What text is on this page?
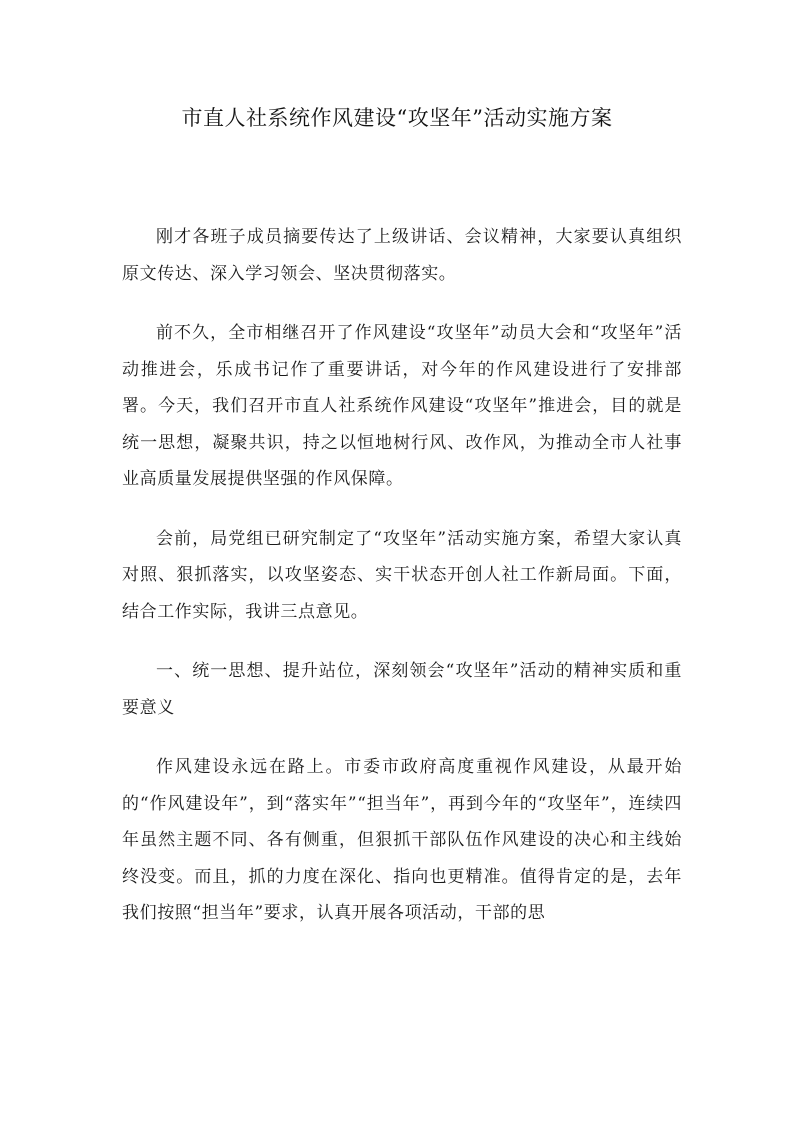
市直人社系统作风建设“攻坚年”活动实施方案

刚才各班子成员摘要传达了上级讲话、会议精神，大家要认真组织原文传达、深入学习领会、坚决贯彻落实。

前不久，全市相继召开了作风建设“攻坚年”动员大会和“攻坚年”活动推进会，乐成书记作了重要讲话，对今年的作风建设进行了安排部署。今天，我们召开市直人社系统作风建设“攻坚年”推进会，目的就是统一思想，凝聚共识，持之以恒地树行风、改作风，为推动全市人社事业高质量发展提供坚强的作风保障。

会前，局党组已研究制定了“攻坚年”活动实施方案，希望大家认真对照、狠抓落实，以攻坚姿态、实干状态开创人社工作新局面。下面，结合工作实际，我讲三点意见。

一、统一思想、提升站位，深刻领会“攻坚年”活动的精神实质和重要意义

作风建设永远在路上。市委市政府高度重视作风建设，从最开始的“作风建设年”，到“落实年”“担当年”，再到今年的“攻坚年”，连续四年虽然主题不同、各有侧重，但狠抓干部队伍作风建设的决心和主线始终没变。而且，抓的力度在深化、指向也更精准。值得肯定的是，去年我们按照“担当年”要求，认真开展各项活动，干部的思
